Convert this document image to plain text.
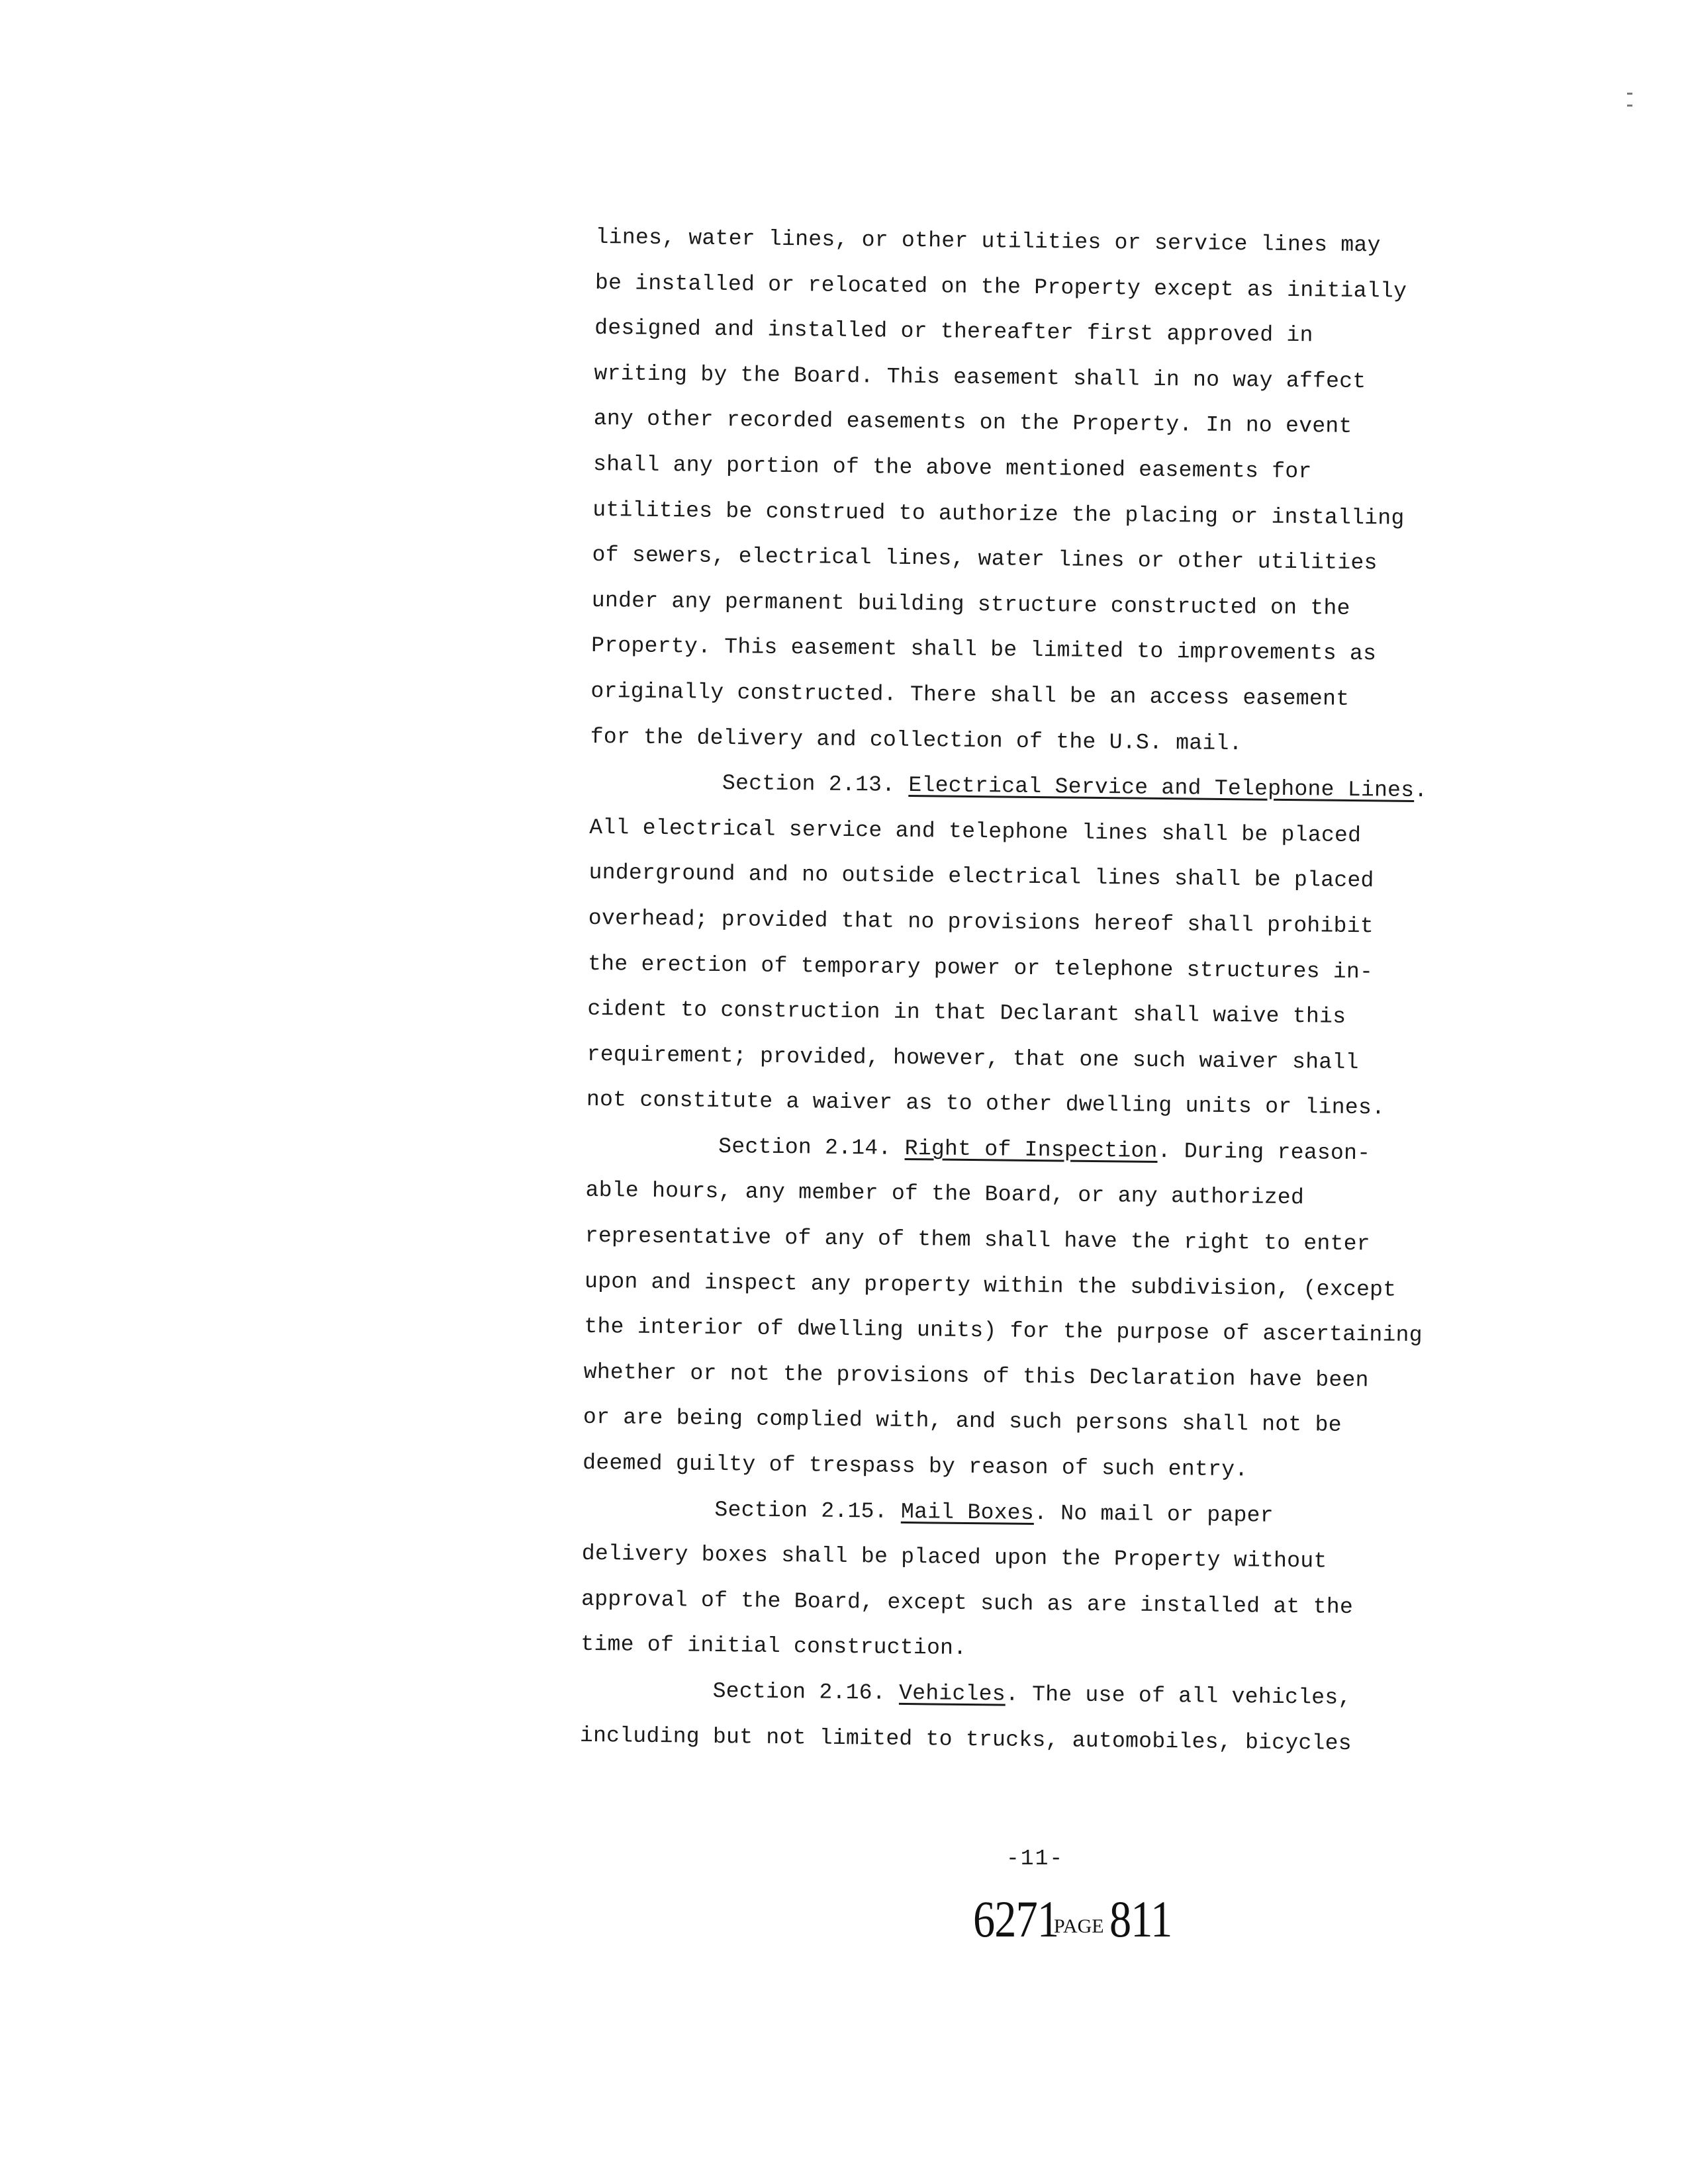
lines, water lines, or other utilities or service lines may
be installed or relocated on the Property except as initially
designed and installed or thereafter first approved in
writing by the Board. This easement shall in no way affect
any other recorded easements on the Property. In no event
shall any portion of the above mentioned easements for
utilities be construed to authorize the placing or installing
of sewers, electrical lines, water lines or other utilities
under any permanent building structure constructed on the
Property. This easement shall be limited to improvements as
originally constructed. There shall be an access easement
for the delivery and collection of the U.S. mail.
Section 2.13. Electrical Service and Telephone Lines.
All electrical service and telephone lines shall be placed
underground and no outside electrical lines shall be placed
overhead; provided that no provisions hereof shall prohibit
the erection of temporary power or telephone structures in-
cident to construction in that Declarant shall waive this
requirement; provided, however, that one such waiver shall
not constitute a waiver as to other dwelling units or lines.
Section 2.14. Right of Inspection. During reason-
able hours, any member of the Board, or any authorized
representative of any of them shall have the right to enter
upon and inspect any property within the subdivision, (except
the interior of dwelling units) for the purpose of ascertaining
whether or not the provisions of this Declaration have been
or are being complied with, and such persons shall not be
deemed guilty of trespass by reason of such entry.
Section 2.15. Mail Boxes. No mail or paper
delivery boxes shall be placed upon the Property without
approval of the Board, except such as are installed at the
time of initial construction.
Section 2.16. Vehicles. The use of all vehicles,
including but not limited to trucks, automobiles, bicycles
-11-
6271PAGE 811
